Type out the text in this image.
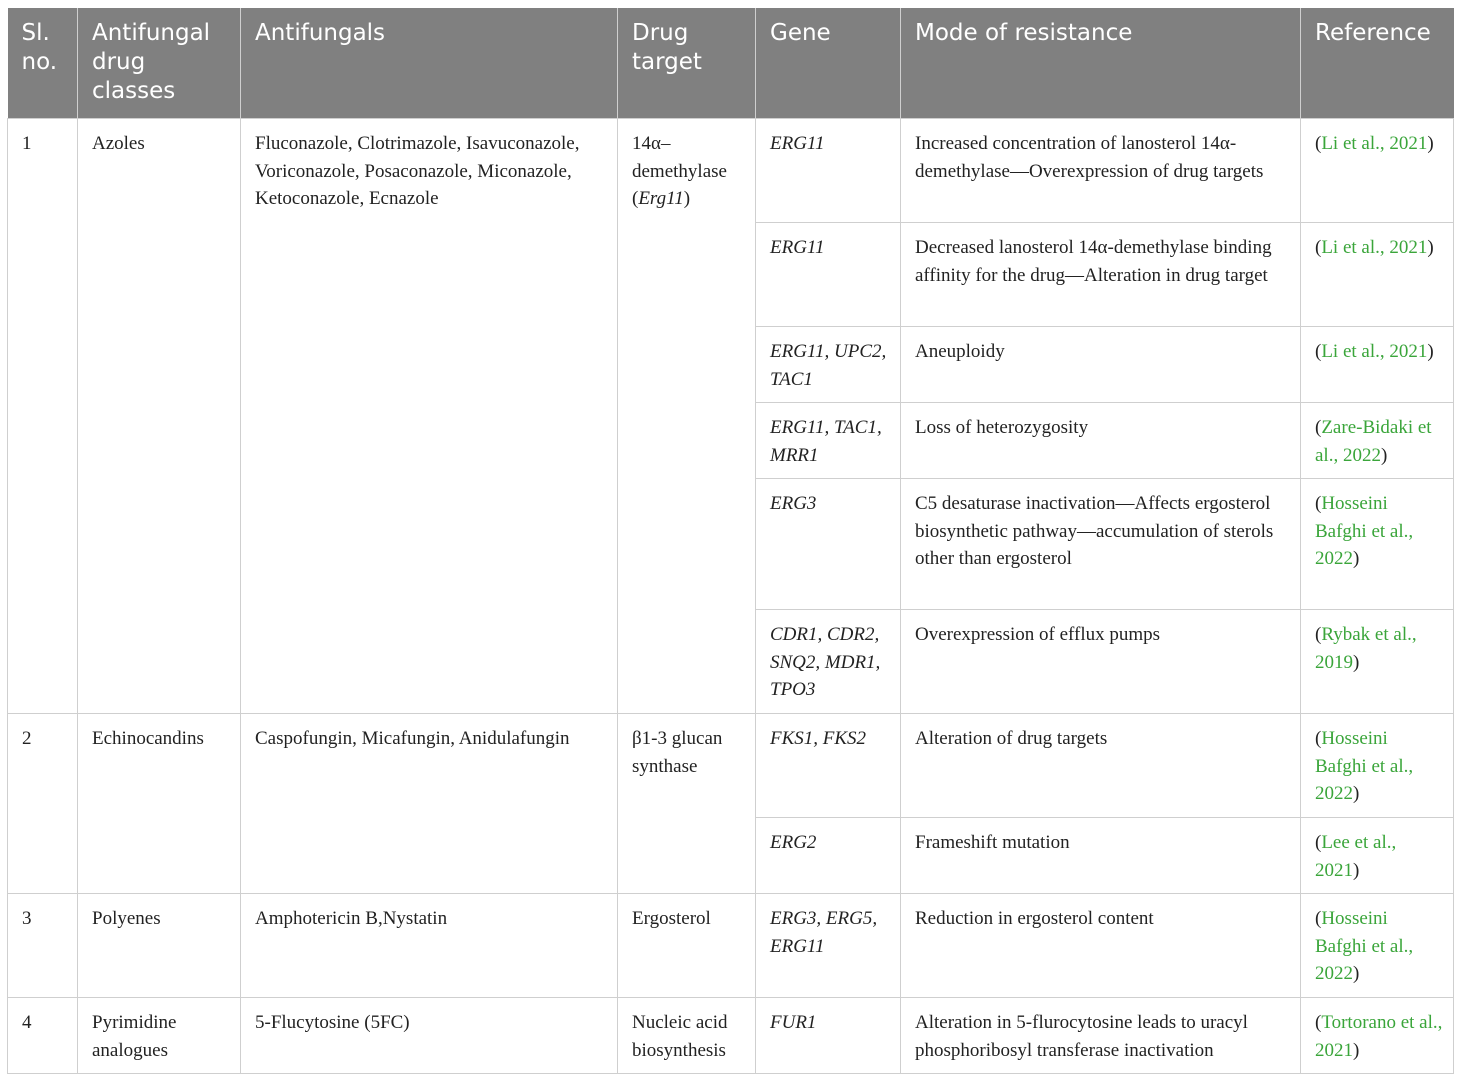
Sl. no.	Antifungal drug classes	Antifungals	Drug target	Gene	Mode of resistance	Reference
1	Azoles	Fluconazole, Clotrimazole, Isavuconazole, Voriconazole, Posaconazole, Miconazole, Ketoconazole, Ecnazole	14α–demethylase (Erg11)	ERG11	Increased concentration of lanosterol 14α-demethylase—Overexpression of drug targets	(Li et al., 2021)
				ERG11	Decreased lanosterol 14α-demethylase binding affinity for the drug—Alteration in drug target	(Li et al., 2021)
				ERG11, UPC2, TAC1	Aneuploidy	(Li et al., 2021)
				ERG11, TAC1, MRR1	Loss of heterozygosity	(Zare-Bidaki et al., 2022)
				ERG3	C5 desaturase inactivation—Affects ergosterol biosynthetic pathway—accumulation of sterols other than ergosterol	(Hosseini Bafghi et al., 2022)
				CDR1, CDR2, SNQ2, MDR1, TPO3	Overexpression of efflux pumps	(Rybak et al., 2019)
2	Echinocandins	Caspofungin, Micafungin, Anidulafungin	β1-3 glucan synthase	FKS1, FKS2	Alteration of drug targets	(Hosseini Bafghi et al., 2022)
				ERG2	Frameshift mutation	(Lee et al., 2021)
3	Polyenes	Amphotericin B,Nystatin	Ergosterol	ERG3, ERG5, ERG11	Reduction in ergosterol content	(Hosseini Bafghi et al., 2022)
4	Pyrimidine analogues	5-Flucytosine (5FC)	Nucleic acid biosynthesis	FUR1	Alteration in 5-flurocytosine leads to uracyl phosphoribosyl transferase inactivation	(Tortorano et al., 2021)
